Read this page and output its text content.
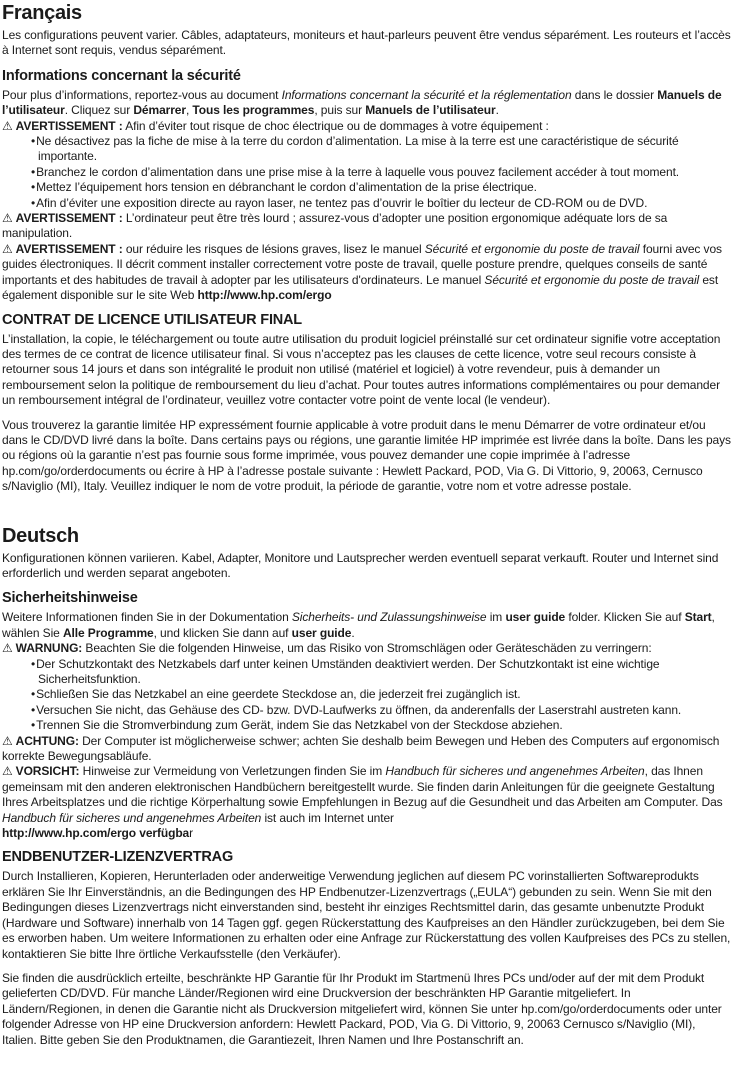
Français

Les configurations peuvent varier. Câbles, adaptateurs, moniteurs et haut-parleurs peuvent être vendus séparément. Les routeurs et l’accès à Internet sont requis, vendus séparément.

Informations concernant la sécurité

Pour plus d’informations, reportez-vous au document Informations concernant la sécurité et la réglementation dans le dossier Manuels de l’utilisateur. Cliquez sur Démarrer, Tous les programmes, puis sur Manuels de l’utilisateur.

⚠ AVERTISSEMENT : Afin d’éviter tout risque de choc électrique ou de dommages à votre équipement :

•Ne désactivez pas la fiche de mise à la terre du cordon d’alimentation. La mise à la terre est une caractéristique de sécurité importante.
•Branchez le cordon d’alimentation dans une prise mise à la terre à laquelle vous pouvez facilement accéder à tout moment.
•Mettez l’équipement hors tension en débranchant le cordon d’alimentation de la prise électrique.
•Afin d’éviter une exposition directe au rayon laser, ne tentez pas d’ouvrir le boîtier du lecteur de CD-ROM ou de DVD.

⚠ AVERTISSEMENT : L’ordinateur peut être très lourd ; assurez-vous d’adopter une position ergonomique adéquate lors de sa manipulation.

⚠ AVERTISSEMENT : our réduire les risques de lésions graves, lisez le manuel Sécurité et ergonomie du poste de travail fourni avec vos guides électroniques. Il décrit comment installer correctement votre poste de travail, quelle posture prendre, quelques conseils de santé importants et des habitudes de travail à adopter par les utilisateurs d'ordinateurs. Le manuel Sécurité et ergonomie du poste de travail est également disponible sur le site Web http://www.hp.com/ergo

CONTRAT DE LICENCE UTILISATEUR FINAL

L’installation, la copie, le téléchargement ou toute autre utilisation du produit logiciel préinstallé sur cet ordinateur signifie votre acceptation des termes de ce contrat de licence utilisateur final. Si vous n’acceptez pas les clauses de cette licence, votre seul recours consiste à retourner sous 14 jours et dans son intégralité le produit non utilisé (matériel et logiciel) à votre revendeur, puis à demander un remboursement selon la politique de remboursement du lieu d’achat. Pour toutes autres informations complémentaires ou pour demander un remboursement intégral de l’ordinateur, veuillez votre contacter votre point de vente local (le vendeur).

Vous trouverez la garantie limitée HP expressément fournie applicable à votre produit dans le menu Démarrer de votre ordinateur et/ou dans le CD/DVD livré dans la boîte. Dans certains pays ou régions, une garantie limitée HP imprimée est livrée dans la boîte. Dans les pays ou régions où la garantie n’est pas fournie sous forme imprimée, vous pouvez demander une copie imprimée à l’adresse hp.com/go/orderdocuments ou écrire à HP à l’adresse postale suivante : Hewlett Packard, POD, Via G. Di Vittorio, 9, 20063, Cernusco s/Naviglio (MI), Italy. Veuillez indiquer le nom de votre produit, la période de garantie, votre nom et votre adresse postale.

Deutsch

Konfigurationen können variieren. Kabel, Adapter, Monitore und Lautsprecher werden eventuell separat verkauft. Router und Internet sind erforderlich und werden separat angeboten.

Sicherheitshinweise

Weitere Informationen finden Sie in der Dokumentation Sicherheits- und Zulassungshinweise im user guide folder. Klicken Sie auf Start, wählen Sie Alle Programme, und klicken Sie dann auf user guide.

⚠ WARNUNG: Beachten Sie die folgenden Hinweise, um das Risiko von Stromschlägen oder Geräteschäden zu verringern:

•Der Schutzkontakt des Netzkabels darf unter keinen Umständen deaktiviert werden. Der Schutzkontakt ist eine wichtige Sicherheitsfunktion.
•Schließen Sie das Netzkabel an eine geerdete Steckdose an, die jederzeit frei zugänglich ist.
•Versuchen Sie nicht, das Gehäuse des CD- bzw. DVD-Laufwerks zu öffnen, da anderenfalls der Laserstrahl austreten kann.
•Trennen Sie die Stromverbindung zum Gerät, indem Sie das Netzkabel von der Steckdose abziehen.

⚠ ACHTUNG: Der Computer ist möglicherweise schwer; achten Sie deshalb beim Bewegen und Heben des Computers auf ergonomisch korrekte Bewegungsabläufe.

⚠ VORSICHT: Hinweise zur Vermeidung von Verletzungen finden Sie im Handbuch für sicheres und angenehmes Arbeiten, das Ihnen gemeinsam mit den anderen elektronischen Handbüchern bereitgestellt wurde. Sie finden darin Anleitungen für die geeignete Gestaltung Ihres Arbeitsplatzes und die richtige Körperhaltung sowie Empfehlungen in Bezug auf die Gesundheit und das Arbeiten am Computer. Das Handbuch für sicheres und angenehmes Arbeiten ist auch im Internet unter
http://www.hp.com/ergo verfügbar

ENDBENUTZER-LIZENZVERTRAG

Durch Installieren, Kopieren, Herunterladen oder anderweitige Verwendung jeglichen auf diesem PC vorinstallierten Softwareprodukts erklären Sie Ihr Einverständnis, an die Bedingungen des HP Endbenutzer-Lizenzvertrags („EULA“) gebunden zu sein. Wenn Sie mit den Bedingungen dieses Lizenzvertrags nicht einverstanden sind, besteht ihr einziges Rechtsmittel darin, das gesamte unbenutzte Produkt (Hardware und Software) innerhalb von 14 Tagen ggf. gegen Rückerstattung des Kaufpreises an den Händler zurückzugeben, bei dem Sie es erworben haben. Um weitere Informationen zu erhalten oder eine Anfrage zur Rückerstattung des vollen Kaufpreises des PCs zu stellen, kontaktieren Sie bitte Ihre örtliche Verkaufsstelle (den Verkäufer).

Sie finden die ausdrücklich erteilte, beschränkte HP Garantie für Ihr Produkt im Startmenü Ihres PCs und/oder auf der mit dem Produkt gelieferten CD/DVD. Für manche Länder/Regionen wird eine Druckversion der beschränkten HP Garantie mitgeliefert. In Ländern/Regionen, in denen die Garantie nicht als Druckversion mitgeliefert wird, können Sie unter hp.com/go/orderdocuments oder unter folgender Adresse von HP eine Druckversion anfordern: Hewlett Packard, POD, Via G. Di Vittorio, 9, 20063 Cernusco s/Naviglio (MI), Italien. Bitte geben Sie den Produktnamen, die Garantiezeit, Ihren Namen und Ihre Postanschrift an.
